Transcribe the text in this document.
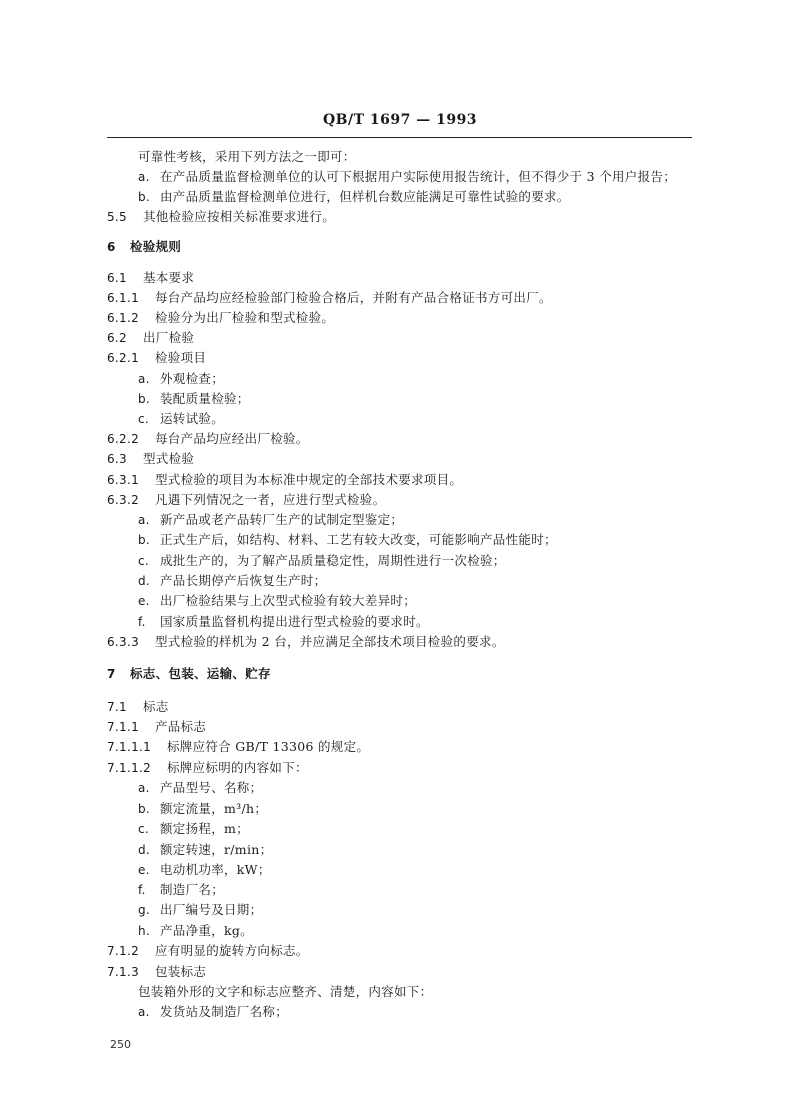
QB/T 1697 — 1993
可靠性考核，采用下列方法之一即可：
a. 在产品质量监督检测单位的认可下根据用户实际使用报告统计，但不得少于 3 个用户报告；
b. 由产品质量监督检测单位进行，但样机台数应能满足可靠性试验的要求。
5.5 其他检验应按相关标准要求进行。
6 检验规则
6.1 基本要求
6.1.1 每台产品均应经检验部门检验合格后，并附有产品合格证书方可出厂。
6.1.2 检验分为出厂检验和型式检验。
6.2 出厂检验
6.2.1 检验项目
a. 外观检查；
b. 装配质量检验；
c. 运转试验。
6.2.2 每台产品均应经出厂检验。
6.3 型式检验
6.3.1 型式检验的项目为本标准中规定的全部技术要求项目。
6.3.2 凡遇下列情况之一者，应进行型式检验。
a. 新产品或老产品转厂生产的试制定型鉴定；
b. 正式生产后，如结构、材料、工艺有较大改变，可能影响产品性能时；
c. 成批生产的，为了解产品质量稳定性，周期性进行一次检验；
d. 产品长期停产后恢复生产时；
e. 出厂检验结果与上次型式检验有较大差异时；
f. 国家质量监督机构提出进行型式检验的要求时。
6.3.3 型式检验的样机为 2 台，并应满足全部技术项目检验的要求。
7 标志、包装、运输、贮存
7.1 标志
7.1.1 产品标志
7.1.1.1 标牌应符合 GB/T 13306 的规定。
7.1.1.2 标牌应标明的内容如下：
a. 产品型号、名称；
b. 额定流量，m³/h；
c. 额定扬程，m；
d. 额定转速，r/min；
e. 电动机功率，kW；
f. 制造厂名；
g. 出厂编号及日期；
h. 产品净重，kg。
7.1.2 应有明显的旋转方向标志。
7.1.3 包装标志
包装箱外形的文字和标志应整齐、清楚，内容如下：
a. 发货站及制造厂名称；
250
